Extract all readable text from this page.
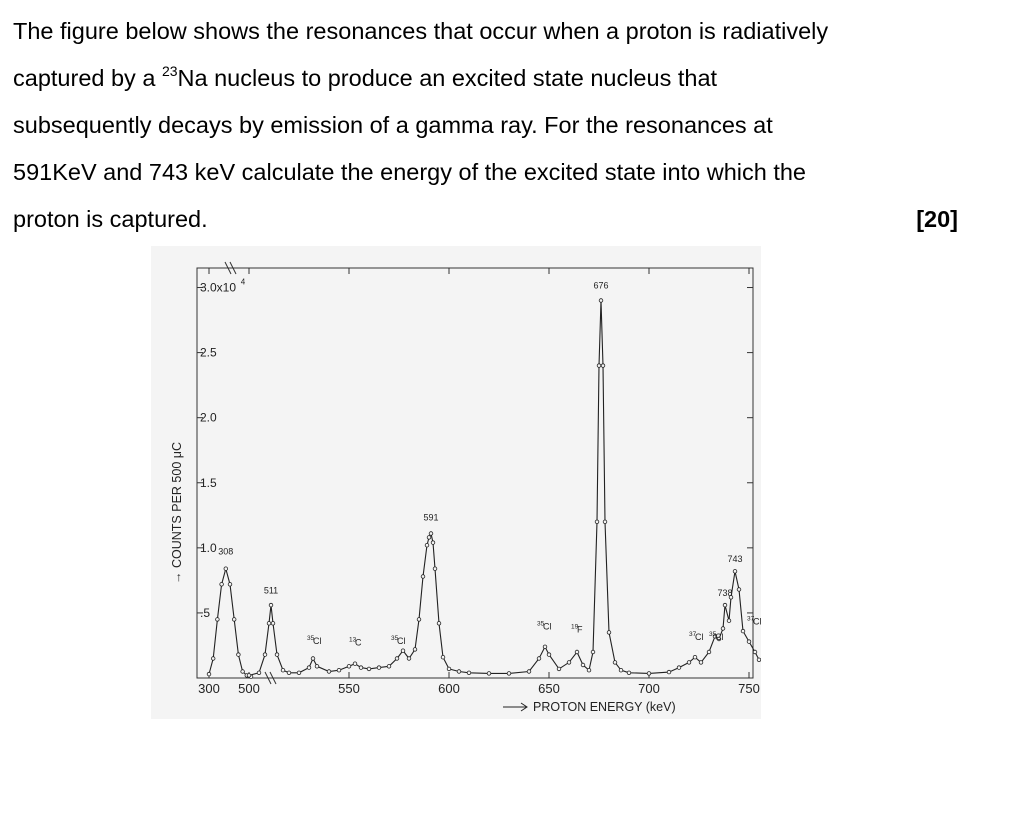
The figure below shows the resonances that occur when a proton is radiatively
captured by a $^{23}$Na nucleus to produce an excited state nucleus that
subsequently decays by emission of a gamma ray. For the resonances at
591KeV and 743 keV calculate the energy of the excited state into which the
proton is captured.	[20]
.5
1.0
1.5
2.0
2.5
3.0x10 4
300 500	550	600	650	700	750
→ COUNTS PER 500 μC
PROTON ENERGY (keV)
308
511
591
676
738
743
35
Cl	13
C	35
Cl
35
Cl	19
F
37
Cl 35
Cl
37
Cl
